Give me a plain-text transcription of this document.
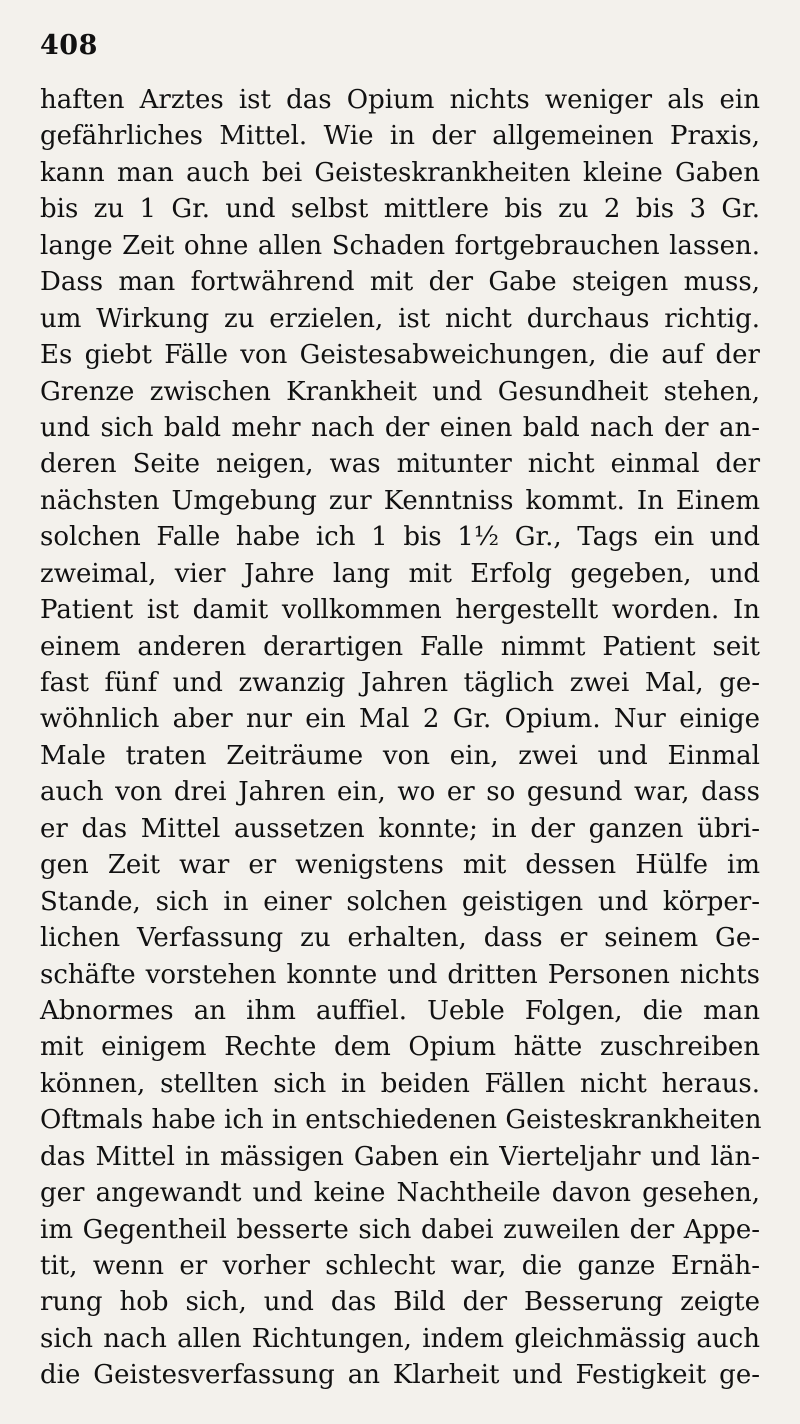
408
haften Arztes ist das Opium nichts weniger als ein
gefährliches Mittel. Wie in der allgemeinen Praxis,
kann man auch bei Geisteskrankheiten kleine Gaben
bis zu 1 Gr. und selbst mittlere bis zu 2 bis 3 Gr.
lange Zeit ohne allen Schaden fortgebrauchen lassen.
Dass man fortwährend mit der Gabe steigen muss,
um Wirkung zu erzielen, ist nicht durchaus richtig.
Es giebt Fälle von Geistesabweichungen, die auf der
Grenze zwischen Krankheit und Gesundheit stehen,
und sich bald mehr nach der einen bald nach der an-
deren Seite neigen, was mitunter nicht einmal der
nächsten Umgebung zur Kenntniss kommt. In Einem
solchen Falle habe ich 1 bis 1½ Gr., Tags ein und
zweimal, vier Jahre lang mit Erfolg gegeben, und
Patient ist damit vollkommen hergestellt worden. In
einem anderen derartigen Falle nimmt Patient seit
fast fünf und zwanzig Jahren täglich zwei Mal, ge-
wöhnlich aber nur ein Mal 2 Gr. Opium. Nur einige
Male traten Zeiträume von ein, zwei und Einmal
auch von drei Jahren ein, wo er so gesund war, dass
er das Mittel aussetzen konnte; in der ganzen übri-
gen Zeit war er wenigstens mit dessen Hülfe im
Stande, sich in einer solchen geistigen und körper-
lichen Verfassung zu erhalten, dass er seinem Ge-
schäfte vorstehen konnte und dritten Personen nichts
Abnormes an ihm auffiel. Ueble Folgen, die man
mit einigem Rechte dem Opium hätte zuschreiben
können, stellten sich in beiden Fällen nicht heraus.
Oftmals habe ich in entschiedenen Geisteskrankheiten
das Mittel in mässigen Gaben ein Vierteljahr und län-
ger angewandt und keine Nachtheile davon gesehen,
im Gegentheil besserte sich dabei zuweilen der Appe-
tit, wenn er vorher schlecht war, die ganze Ernäh-
rung hob sich, und das Bild der Besserung zeigte
sich nach allen Richtungen, indem gleichmässig auch
die Geistesverfassung an Klarheit und Festigkeit ge-
